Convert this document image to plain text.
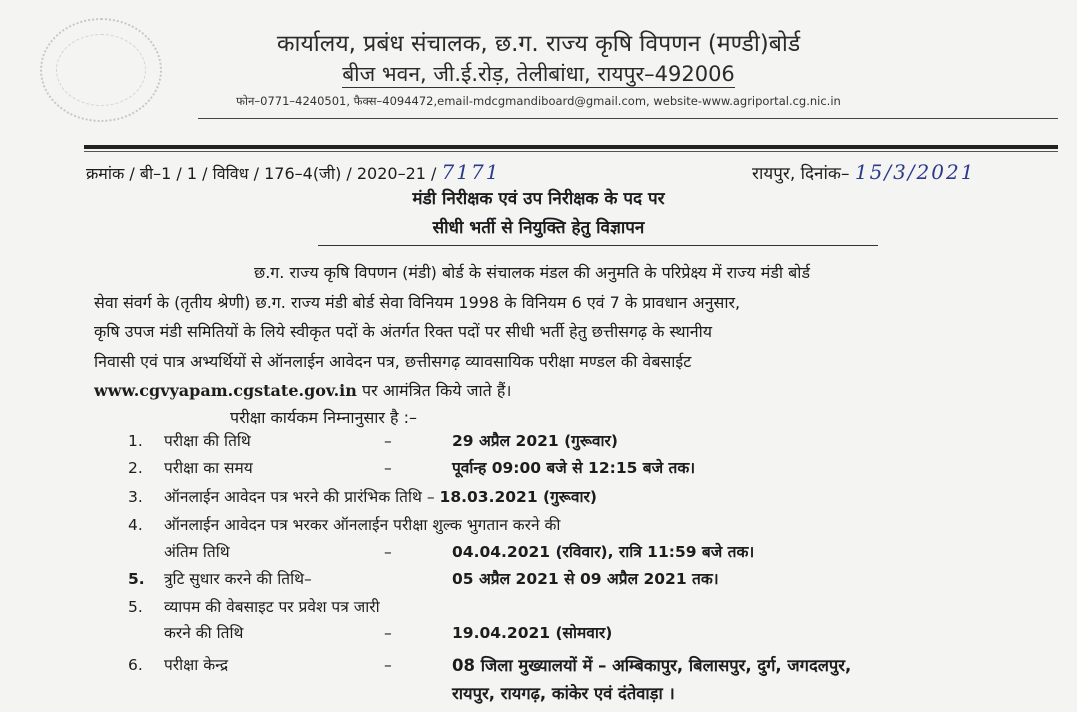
कार्यालय, प्रबंध संचालक, छ.ग. राज्य कृषि विपणन (मण्डी)बोर्ड
बीज भवन, जी.ई.रोड़, तेलीबांधा, रायपुर–492006
फोन–0771–4240501, फैक्स–4094472,email-mdcgmandiboard@gmail.com, website-www.agriportal.cg.nic.in
क्रमांक / बी–1 / 1 / विविध / 176–4(जी) / 2020–21 / 7171	रायपुर, दिनांक– 15/3/2021
मंडी निरीक्षक एवं उप निरीक्षक के पद पर
सीधी भर्ती से नियुक्ति हेतु विज्ञापन
छ.ग. राज्य कृषि विपणन (मंडी) बोर्ड के संचालक मंडल की अनुमति के परिप्रेक्ष्य में राज्य मंडी बोर्ड
सेवा संवर्ग के (तृतीय श्रेणी) छ.ग. राज्य मंडी बोर्ड सेवा विनियम 1998 के विनियम 6 एवं 7 के प्रावधान अनुसार,
कृषि उपज मंडी समितियों के लिये स्वीकृत पदों के अंतर्गत रिक्त पदों पर सीधी भर्ती हेतु छत्तीसगढ़ के स्थानीय
निवासी एवं पात्र अभ्यर्थियों से ऑनलाईन आवेदन पत्र, छत्तीसगढ़ व्यावसायिक परीक्षा मण्डल की वेबसाईट
www.cgvyapam.cgstate.gov.in पर आमंत्रित किये जाते हैं।
परीक्षा कार्यकम निम्नानुसार है :–
1.	परीक्षा की तिथि	–	29 अप्रैल 2021 (गुरूवार)
2.	परीक्षा का समय	–	पूर्वान्ह 09:00 बजे से 12:15 बजे तक।
3.	ऑनलाईन आवेदन पत्र भरने की प्रारंभिक तिथि – 18.03.2021 (गुरूवार)
4.	ऑनलाईन आवेदन पत्र भरकर ऑनलाईन परीक्षा शुल्क भुगतान करने की
अंतिम तिथि	–	04.04.2021 (रविवार), रात्रि 11:59 बजे तक।
5.	त्रुटि सुधार करने की तिथि–	05 अप्रैल 2021 से 09 अप्रैल 2021 तक।
5.	व्यापम की वेबसाइट पर प्रवेश पत्र जारी
करने की तिथि	–	19.04.2021 (सोमवार)
6.	परीक्षा केन्द्र	–	08 जिला मुख्यालयों में – अम्बिकापुर, बिलासपुर, दुर्ग, जगदलपुर,
रायपुर, रायगढ़, कांकेर एवं दंतेवाड़ा ।
